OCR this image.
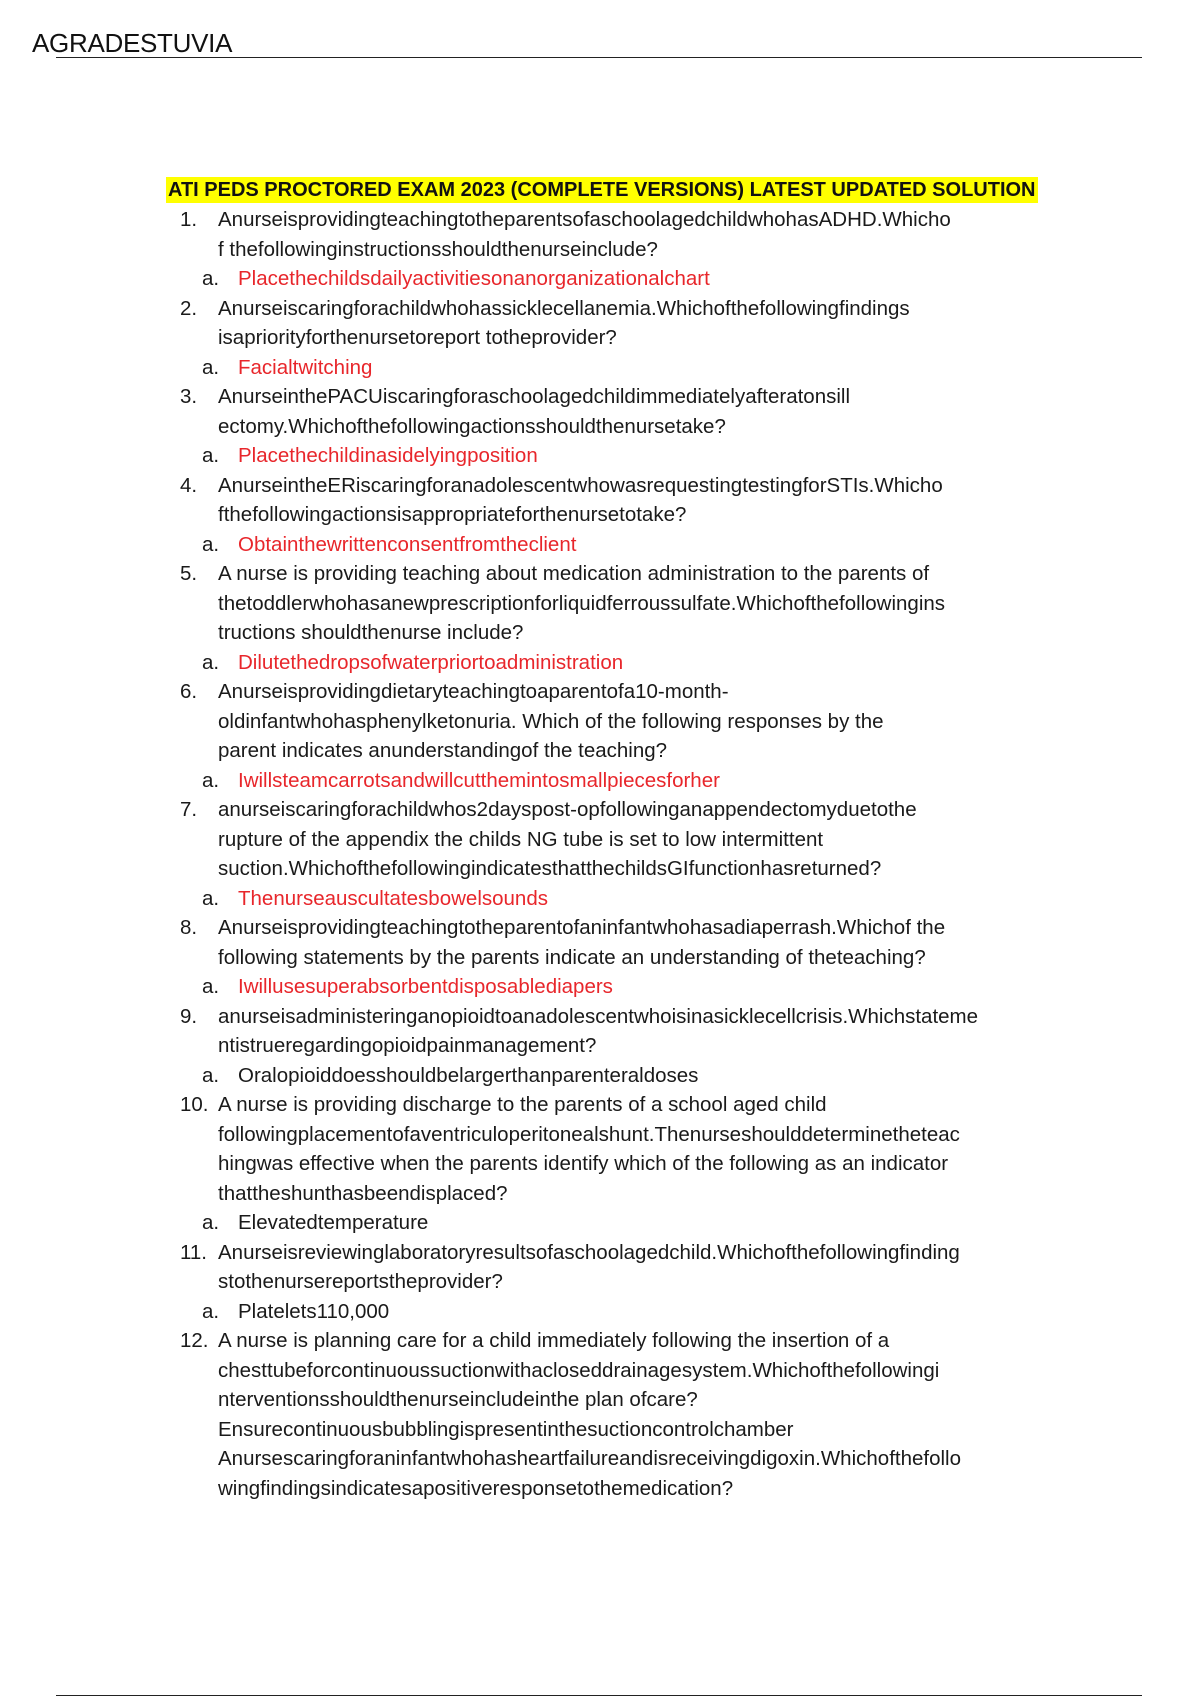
AGRADESTUVIA
ATI PEDS PROCTORED EXAM 2023 (COMPLETE VERSIONS) LATEST UPDATED SOLUTION
1.	AnurseisprovidingteachingtotheparentsofaschoolagedchildwhohasADHD.Whicho
f thefollowinginstructionsshouldthenurseinclude?
a. Placethechildsdailyactivitiesonanorganizationalchart
2.	Anurseiscaringforachildwhohassicklecellanemia.Whichofthefollowingfindings
isapriorityforthenursetoreport totheprovider?
a. Facialtwitching
3.	AnurseinthePACUiscaringforaschoolagedchildimmediatelyafteratonsill
ectomy.Whichofthefollowingactionsshouldthenursetake?
a. Placethechildinasidelyingposition
4.	AnurseintheERiscaringforanadolescentwhowasrequestingtestingforSTIs.Whicho
fthefollowingactionsisappropriateforthenursetotake?
a. Obtainthewrittenconsentfromtheclient
5.	A nurse is providing teaching about medication administration to the parents of
thetoddlerwhohasanewprescriptionforliquidferroussulfate.Whichofthefollowingins
tructions shouldthenurse include?
a. Dilutethedropsofwaterpriortoadministration
6.	Anurseisprovidingdietaryteachingtoaparentofa10-month-
oldinfantwhohasphenylketonuria. Which of the following responses by the
parent indicates anunderstandingof the teaching?
a. Iwillsteamcarrotsandwillcutthemintosmallpiecesforher
7.	anurseiscaringforachildwhos2dayspost-opfollowinganappendectomyduetothe
rupture of the appendix the childs NG tube is set to low intermittent
suction.WhichofthefollowingindicatesthatthechildsGIfunctionhasreturned?
a. Thenurseauscultatesbowelsounds
8.	Anurseisprovidingteachingtotheparentofaninfantwhohasadiaperrash.Whichof the
following statements by the parents indicate an understanding of theteaching?
a. Iwillusesuperabsorbentdisposablediapers
9.	anurseisadministeringanopioidtoanadolescentwhoisinasicklecellcrisis.Whichstateme
ntistrueregardingopioidpainmanagement?
a. Oralopioiddoesshouldbelargerthanparenteraldoses
10. A nurse is providing discharge to the parents of a school aged child
followingplacementofaventriculoperitonealshunt.Thenurseshoulddeterminetheteac
hingwas effective when the parents identify which of the following as an indicator
thattheshunthasbeendisplaced?
a. Elevatedtemperature
11. Anurseisreviewinglaboratoryresultsofaschoolagedchild.Whichofthefollowingfinding
stothenursereportstheprovider?
a. Platelets110,000
12. A nurse is planning care for a child immediately following the insertion of a
chesttubeforcontinuoussuctionwithacloseddrainagesystem.Whichofthefollowingi
nterventionsshouldthenurseincludeinthe plan ofcare?
Ensurecontinuousbubblingispresentinthesuctioncontrolchamber
Anursescaringforaninfantwhohasheartfailureandisreceivingdigoxin.Whichofthefollo
wingfindingsindicatesapositiveresponsetothemedication?
